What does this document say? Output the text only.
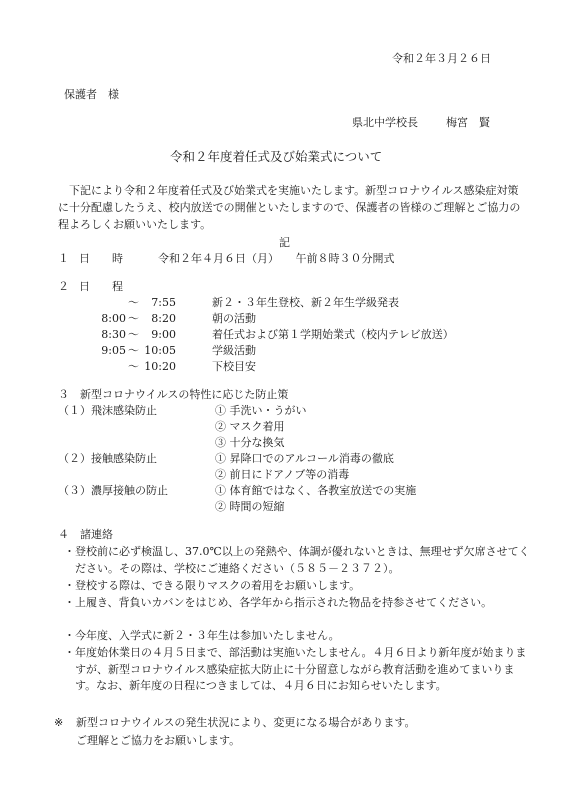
令和２年３月２６日
保護者　様
県北中学校長	梅宮　賢
令和２年度着任式及び始業式について
下記により令和２年度着任式及び始業式を実施いたします。新型コロナウイルス感染症対策に十分配慮したうえ、校内放送での開催といたしますので、保護者の皆様のご理解とご協力の程よろしくお願いいたします。
記
１ 日　　時	令和２年４月６日（月）　　午前８時３０分開式
２ 日　　程
～	7:55	新２・３年生登校、新２年生学級発表
8:00 ～	8:20	朝の活動
8:30 ～	9:00	着任式および第１学期始業式（校内テレビ放送）
9:05 ～ 10:05	学級活動
～ 10:20	下校目安
３　新型コロナウイルスの特性に応じた防止策
（１）飛沫感染防止	① 手洗い・うがい
② マスク着用
③ 十分な換気
（２）接触感染防止	① 昇降口でのアルコール消毒の徹底
② 前日にドアノブ等の消毒
（３）濃厚接触の防止	① 体育館ではなく、各教室放送での実施
② 時間の短縮
４　諸連絡
・登校前に必ず検温し、37.0℃以上の発熱や、体調が優れないときは、無理せず欠席させてください。その際は、学校にご連絡ください（５８５－２３７２）。
・登校する際は、できる限りマスクの着用をお願いします。
・上履き、背負いカバンをはじめ、各学年から指示された物品を持参させてください。
・今年度、入学式に新２・３年生は参加いたしません。
・年度始休業日の４月５日まで、部活動は実施いたしません。４月６日より新年度が始まりますが、新型コロナウイルス感染症拡大防止に十分留意しながら教育活動を進めてまいります。なお、新年度の日程につきましては、４月６日にお知らせいたします。
※ 新型コロナウイルスの発生状況により、変更になる場合があります。
ご理解とご協力をお願いします。
